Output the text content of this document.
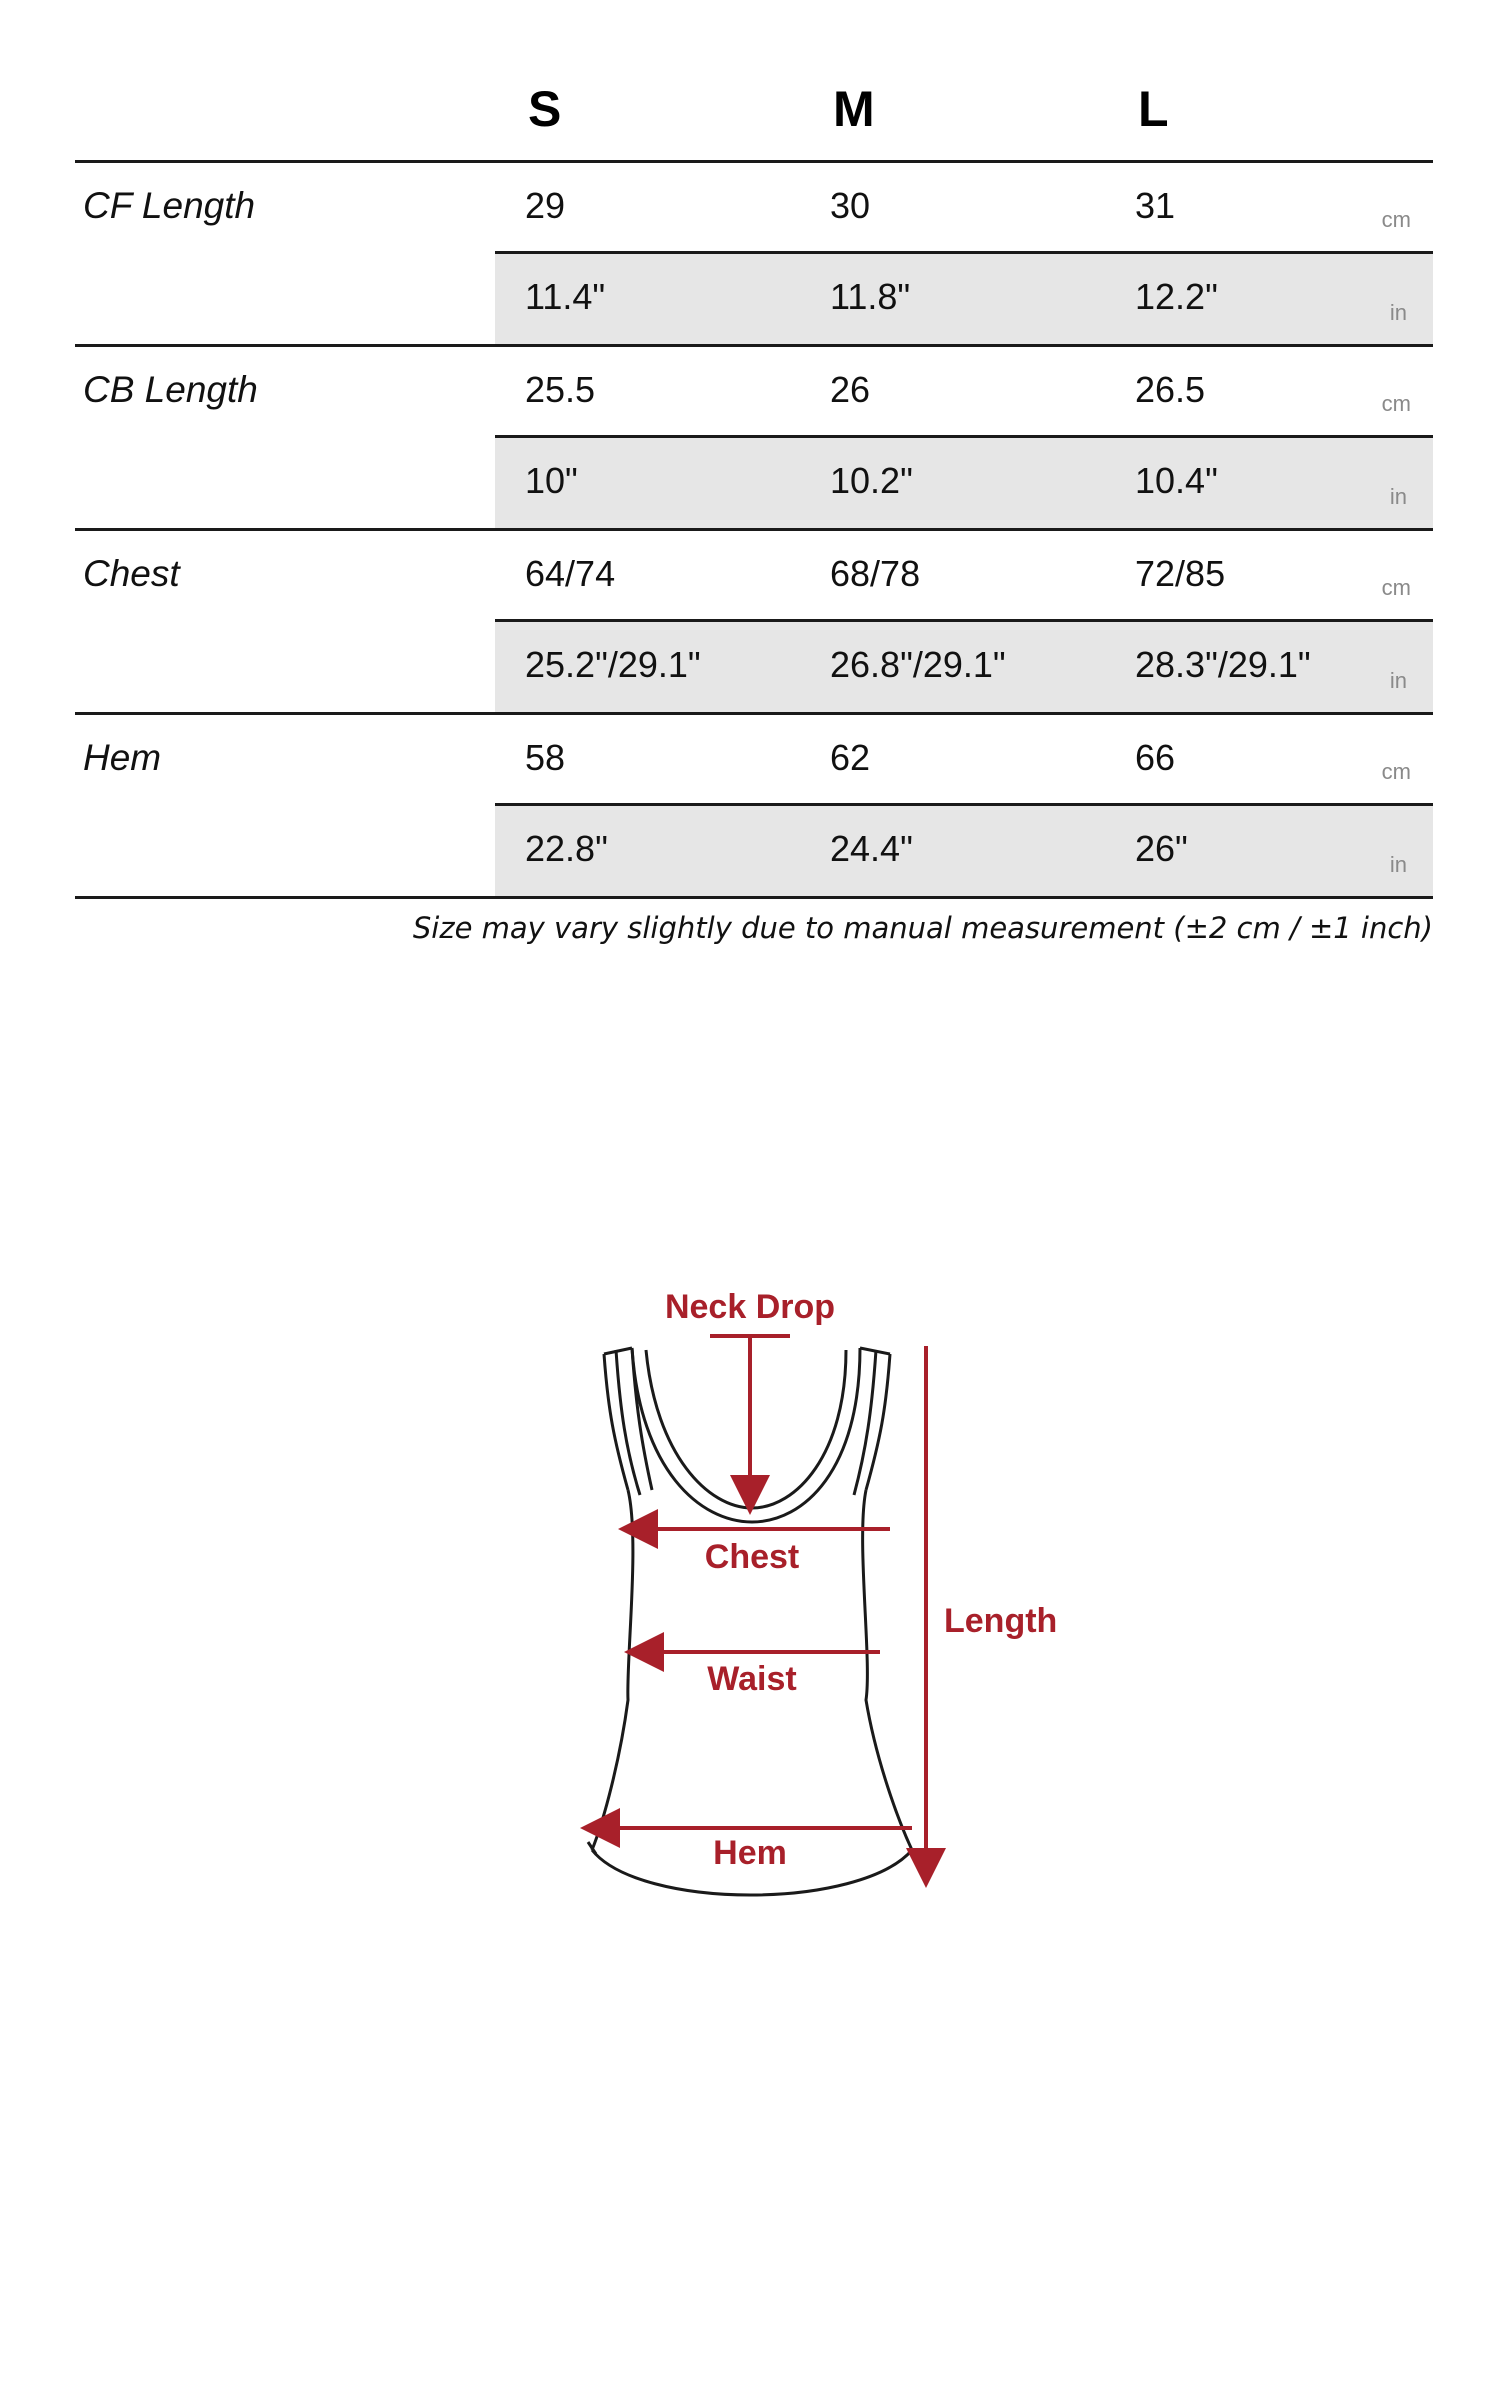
S	M	L
CF Length	29	30	31	cm
11.4"	11.8"	12.2"	in
CB Length	25.5	26	26.5	cm
10"	10.2"	10.4"	in
Chest	64/74	68/78	72/85	cm
25.2"/29.1"	26.8"/29.1"	28.3"/29.1"	in
Hem	58	62	66	cm
22.8"	24.4"	26"	in
Size may vary slightly due to manual measurement (±2 cm / ±1 inch)
Neck Drop
Chest
Waist
Hem
Length
